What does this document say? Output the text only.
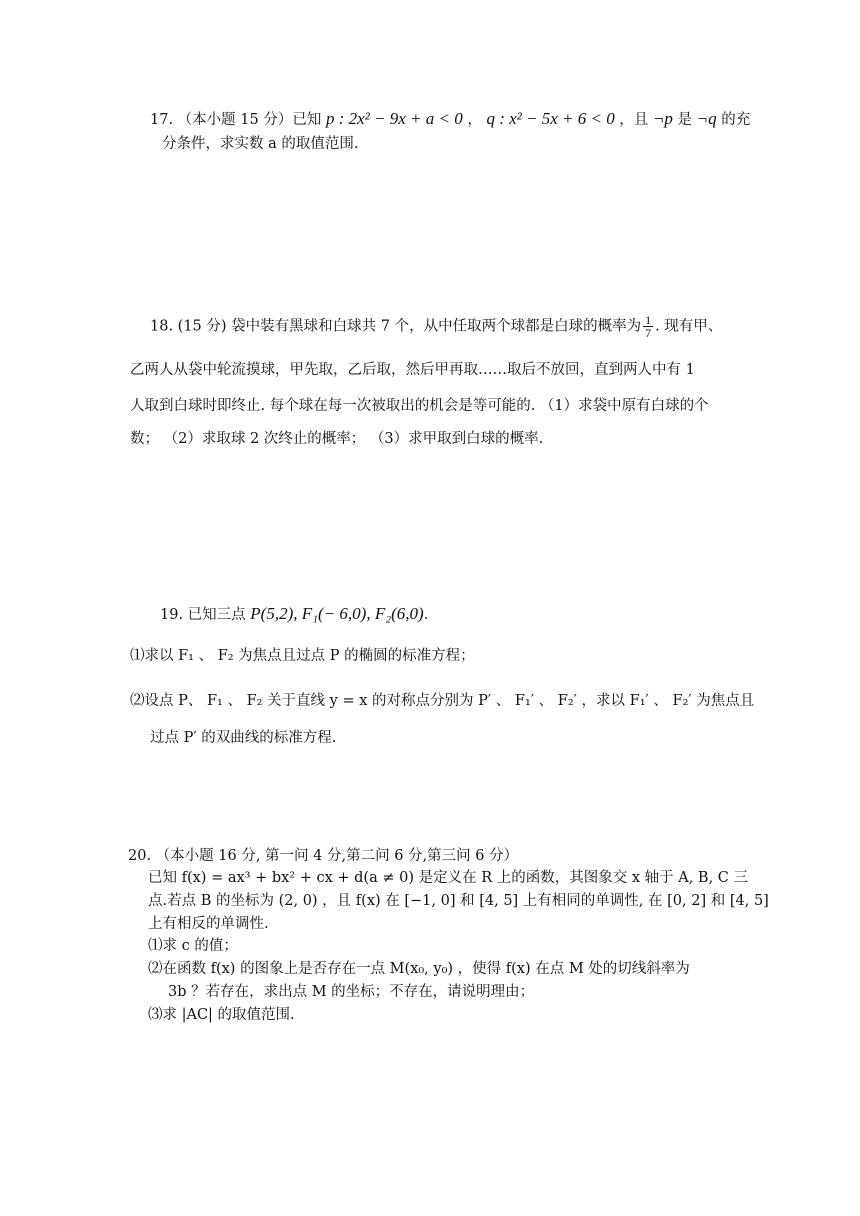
17. （本小题 15 分）已知 p : 2x² − 9x + a < 0 ， q : x² − 5x + 6 < 0 ，且 ¬p 是 ¬q 的充
分条件，求实数 a 的取值范围.
18. (15 分) 袋中装有黑球和白球共 7 个，从中任取两个球都是白球的概率为 $\frac{1}{7}$ . 现有甲、
乙两人从袋中轮流摸球，甲先取，乙后取，然后甲再取……取后不放回，直到两人中有 1
人取到白球时即终止. 每个球在每一次被取出的机会是等可能的. （1）求袋中原有白球的个
数； （2）求取球 2 次终止的概率； （3）求甲取到白球的概率.
19. 已知三点 P(5,2), F₁(− 6,0), F₂(6,0).
⑴求以 F₁ 、 F₂ 为焦点且过点 P 的椭圆的标准方程；
⑵设点 P、 F₁ 、 F₂ 关于直线 y = x 的对称点分别为 P′ 、 F₁′ 、 F₂′ ，求以 F₁′ 、 F₂′ 为焦点且
过点 P′ 的双曲线的标准方程.
20. （本小题 16 分, 第一问 4 分,第二问 6 分,第三问 6 分）
已知 f(x) = ax³ + bx² + cx + d(a ≠ 0) 是定义在 R 上的函数，其图象交 x 轴于 A, B, C 三
点.若点 B 的坐标为 (2, 0) ，且 f(x) 在 [−1, 0] 和 [4, 5] 上有相同的单调性, 在 [0, 2] 和 [4, 5]
上有相反的单调性.
⑴求 c 的值；
⑵在函数 f(x) 的图象上是否存在一点 M(x₀, y₀) ，使得 f(x) 在点 M 处的切线斜率为
3b ？若存在，求出点 M 的坐标；不存在，请说明理由；
⑶求 |AC| 的取值范围.
